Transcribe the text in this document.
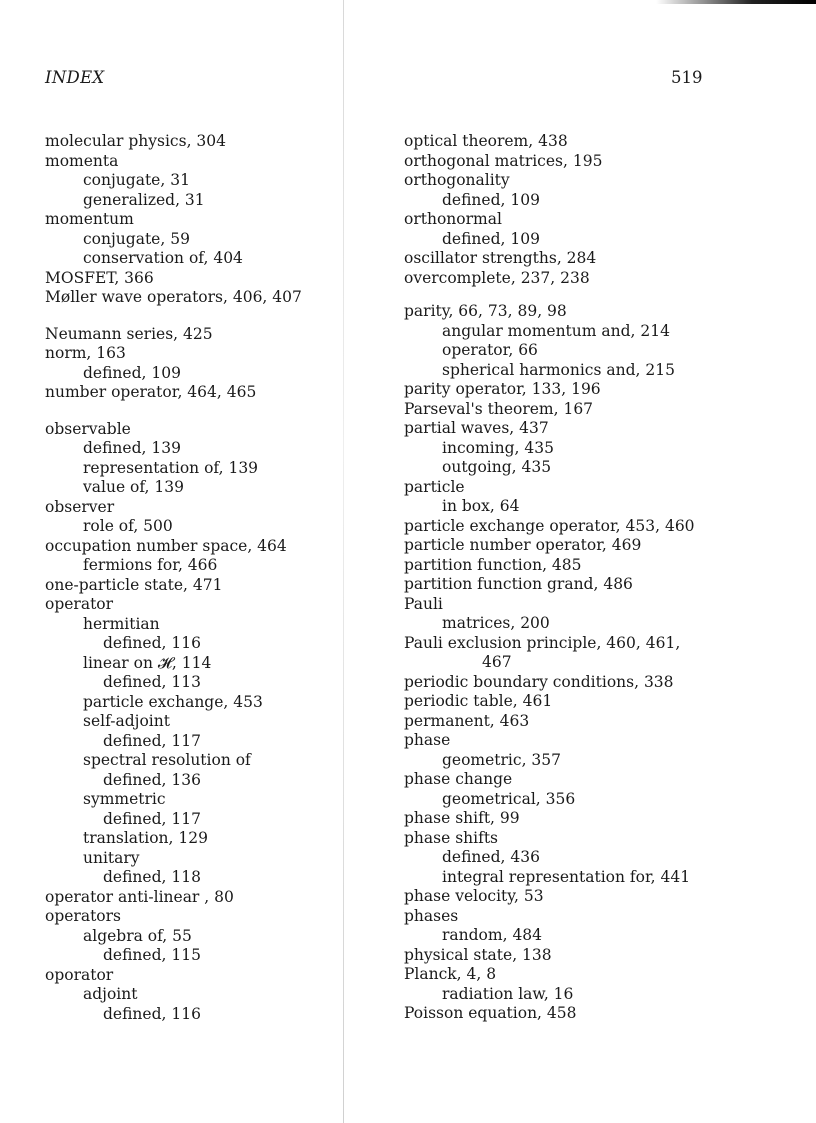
INDEX	519
molecular physics, 304
momenta
conjugate, 31
generalized, 31
momentum
conjugate, 59
conservation of, 404
MOSFET, 366
Møller wave operators, 406, 407
Neumann series, 425
norm, 163
defined, 109
number operator, 464, 465
observable
defined, 139
representation of, 139
value of, 139
observer
role of, 500
occupation number space, 464
fermions for, 466
one-particle state, 471
operator
hermitian
defined, 116
linear on 𝓗, 114
defined, 113
particle exchange, 453
self-adjoint
defined, 117
spectral resolution of
defined, 136
symmetric
defined, 117
translation, 129
unitary
defined, 118
operator anti-linear , 80
operators
algebra of, 55
defined, 115
oporator
adjoint
defined, 116
optical theorem, 438
orthogonal matrices, 195
orthogonality
defined, 109
orthonormal
defined, 109
oscillator strengths, 284
overcomplete, 237, 238
parity, 66, 73, 89, 98
angular momentum and, 214
operator, 66
spherical harmonics and, 215
parity operator, 133, 196
Parseval's theorem, 167
partial waves, 437
incoming, 435
outgoing, 435
particle
in box, 64
particle exchange operator, 453, 460
particle number operator, 469
partition function, 485
partition function grand, 486
Pauli
matrices, 200
Pauli exclusion principle, 460, 461,
467
periodic boundary conditions, 338
periodic table, 461
permanent, 463
phase
geometric, 357
phase change
geometrical, 356
phase shift, 99
phase shifts
defined, 436
integral representation for, 441
phase velocity, 53
phases
random, 484
physical state, 138
Planck, 4, 8
radiation law, 16
Poisson equation, 458
